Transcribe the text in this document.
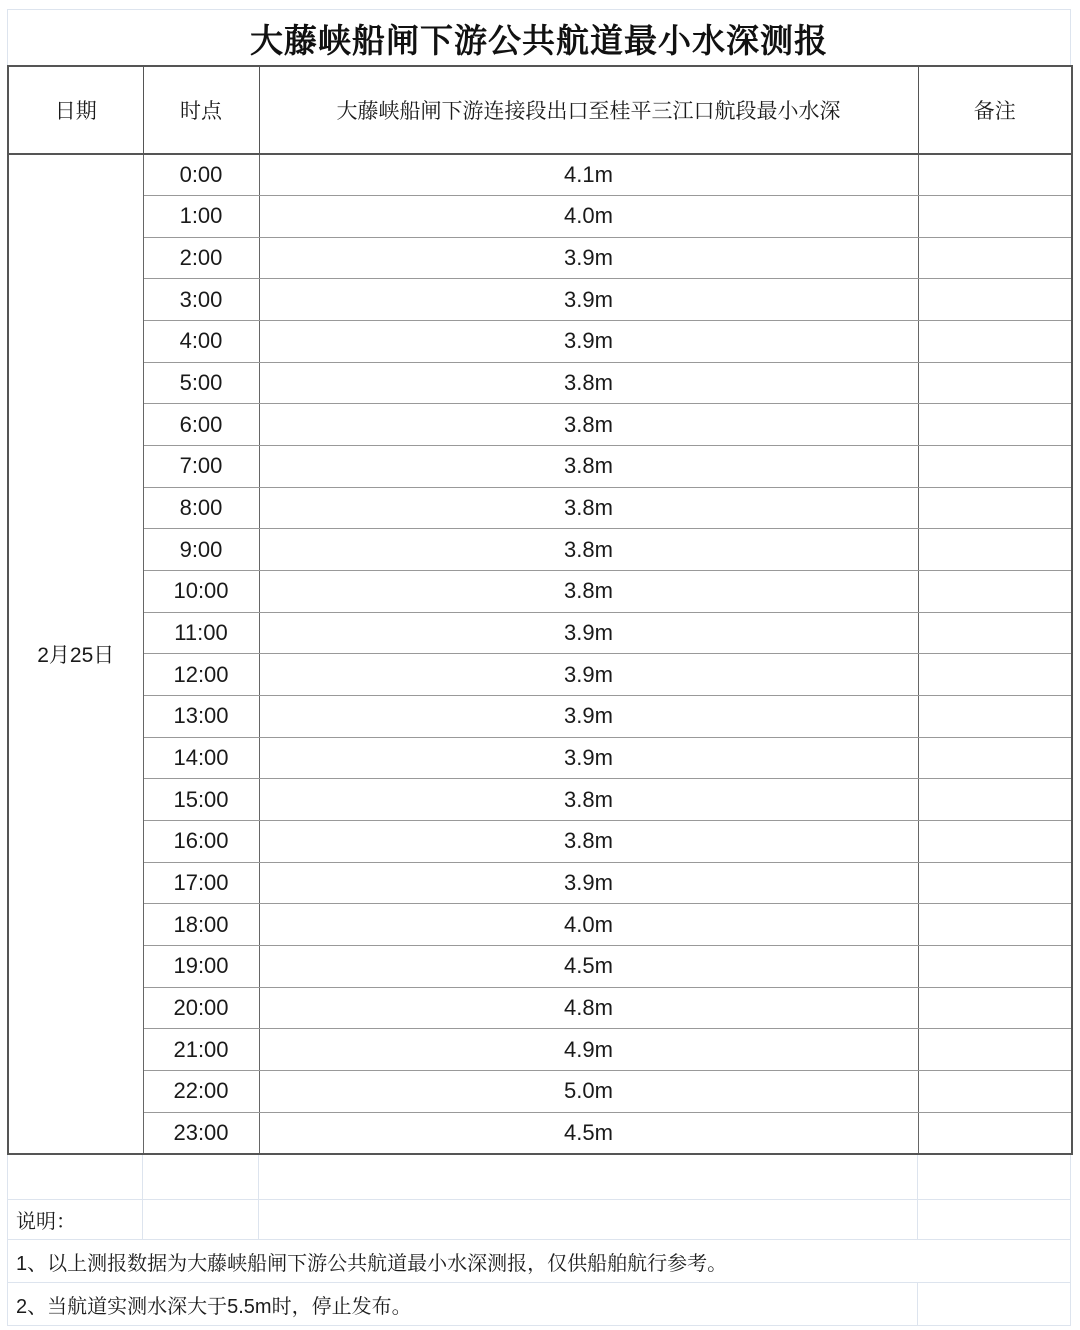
大藤峡船闸下游公共航道最小水深测报
日期	时点	大藤峡船闸下游连接段出口至桂平三江口航段最小水深	备注
2月25日	0:00	4.1m	
	1:00	4.0m	
	2:00	3.9m	
	3:00	3.9m	
	4:00	3.9m	
	5:00	3.8m	
	6:00	3.8m	
	7:00	3.8m	
	8:00	3.8m	
	9:00	3.8m	
	10:00	3.8m	
	11:00	3.9m	
	12:00	3.9m	
	13:00	3.9m	
	14:00	3.9m	
	15:00	3.8m	
	16:00	3.8m	
	17:00	3.9m	
	18:00	4.0m	
	19:00	4.5m	
	20:00	4.8m	
	21:00	4.9m	
	22:00	5.0m	
	23:00	4.5m	
说明：
1、以上测报数据为大藤峡船闸下游公共航道最小水深测报，仅供船舶航行参考。
2、当航道实测水深大于5.5m时，停止发布。
